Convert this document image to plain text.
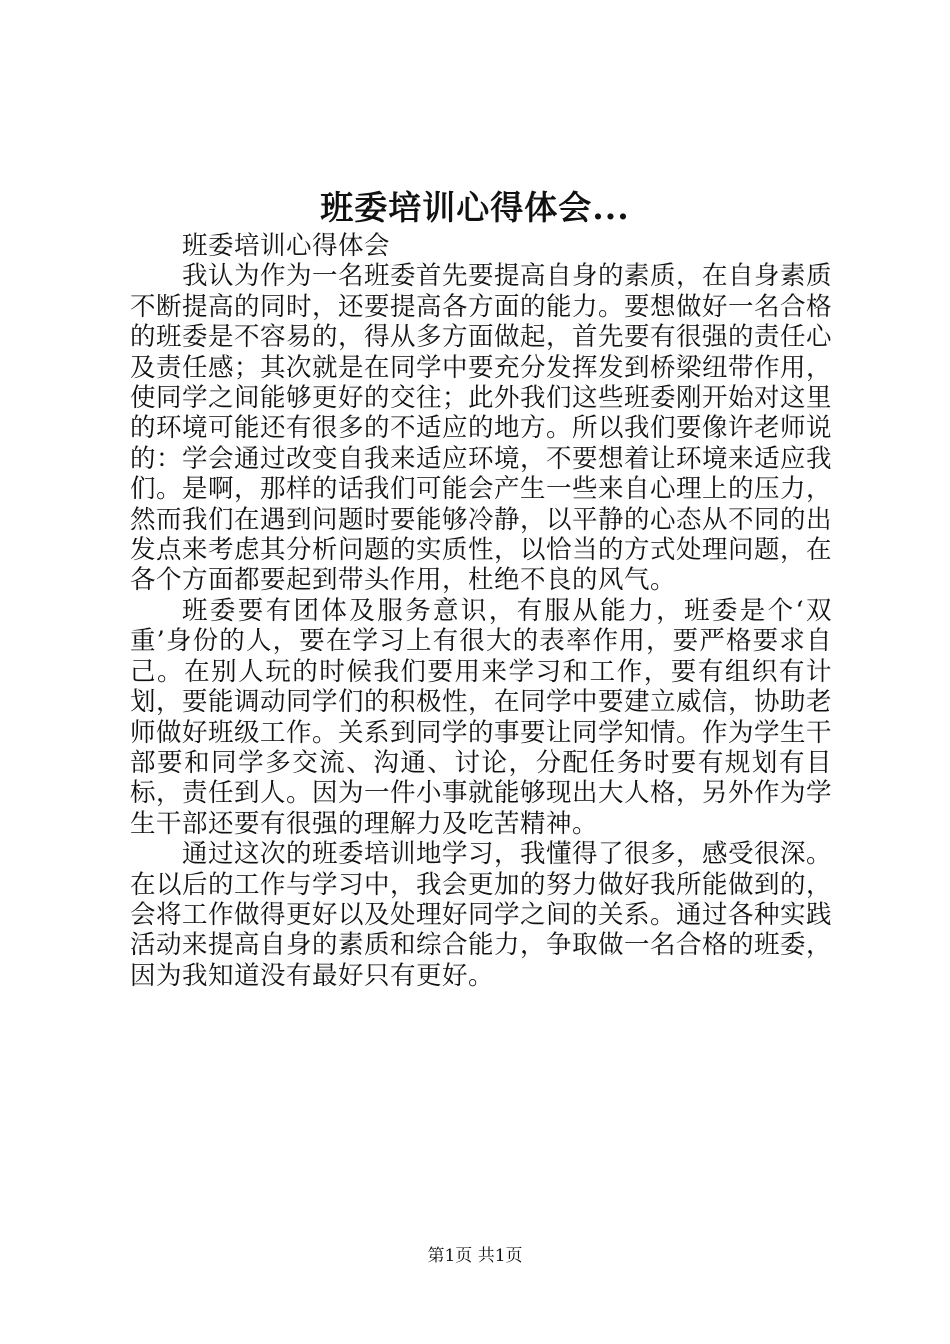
班委培训心得体会...

班委培训心得体会

我认为作为一名班委首先要提高自身的素质，在自身素质不断提高的同时，还要提高各方面的能力。要想做好一名合格的班委是不容易的，得从多方面做起，首先要有很强的责任心及责任感；其次就是在同学中要充分发挥发到桥梁纽带作用，使同学之间能够更好的交往；此外我们这些班委刚开始对这里的环境可能还有很多的不适应的地方。所以我们要像许老师说的：学会通过改变自我来适应环境，不要想着让环境来适应我们。是啊，那样的话我们可能会产生一些来自心理上的压力，然而我们在遇到问题时要能够冷静，以平静的心态从不同的出发点来考虑其分析问题的实质性，以恰当的方式处理问题，在各个方面都要起到带头作用，杜绝不良的风气。

班委要有团体及服务意识，有服从能力，班委是个‘双重’身份的人，要在学习上有很大的表率作用，要严格要求自己。在别人玩的时候我们要用来学习和工作，要有组织有计划，要能调动同学们的积极性，在同学中要建立威信，协助老师做好班级工作。关系到同学的事要让同学知情。作为学生干部要和同学多交流、沟通、讨论，分配任务时要有规划有目标，责任到人。因为一件小事就能够现出大人格，另外作为学生干部还要有很强的理解力及吃苦精神。

通过这次的班委培训地学习，我懂得了很多，感受很深。在以后的工作与学习中，我会更加的努力做好我所能做到的，会将工作做得更好以及处理好同学之间的关系。通过各种实践活动来提高自身的素质和综合能力，争取做一名合格的班委，因为我知道没有最好只有更好。

第1页 共1页
